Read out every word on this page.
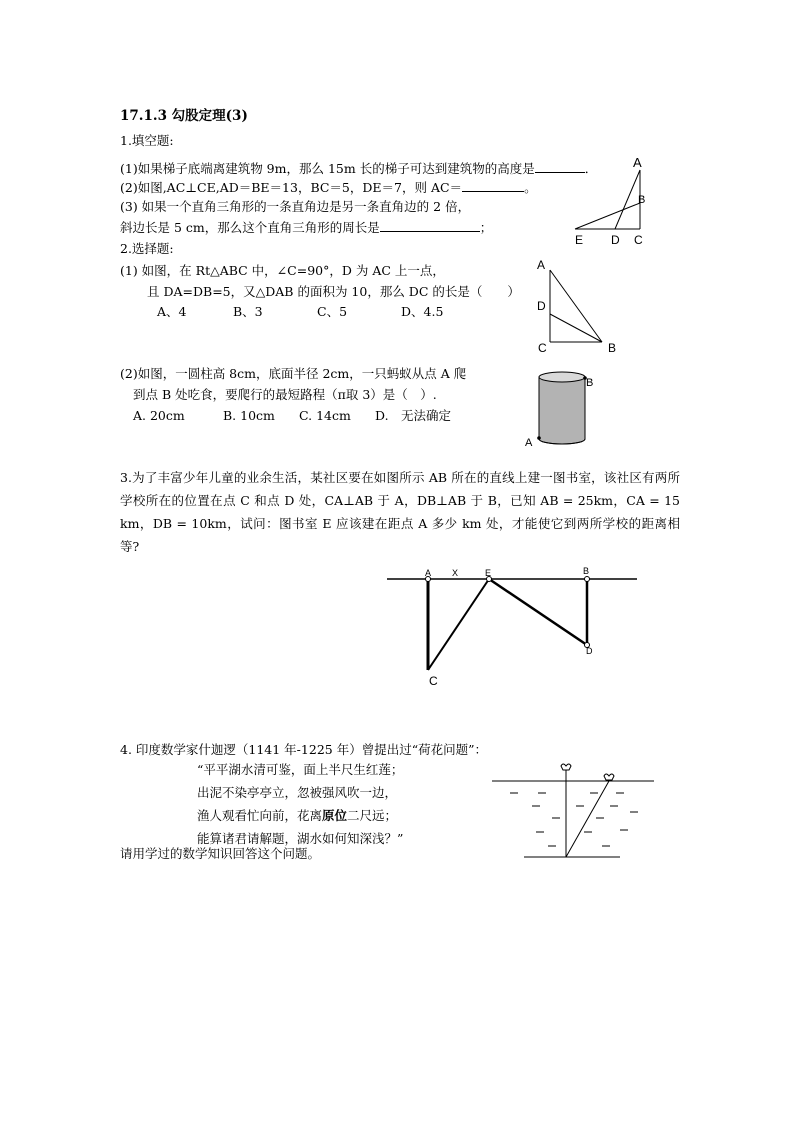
17.1.3 勾股定理(3)
1.填空题:
(1)如果梯子底端离建筑物 9m，那么 15m 长的梯子可达到建筑物的高度是	．
(2)如图,AC⊥CE,AD＝BE＝13，BC＝5，DE＝7，则 AC＝	。
(3) 如果一个直角三角形的一条直角边是另一条直角边的 2 倍，
斜边长是 5 cm，那么这个直角三角形的周长是	；
A
B
E D C
2.选择题:
(1) 如图，在 Rt△ABC 中，∠C=90°，D 为 AC 上一点，
且 DA=DB=5，又△DAB 的面积为 10，那么 DC 的长是（　　）
A、4	B、3	C、5	D、4.5
A
D
C	B
(2)如图，一圆柱高 8cm，底面半径 2cm，一只蚂蚁从点 A 爬
到点 B 处吃食，要爬行的最短路程（π取 3）是（　）.
A. 20cm	B. 10cm C. 14cm D.　无法确定
B
A
3.为了丰富少年儿童的业余生活，某社区要在如图所示 AB 所在的直线上建一图书室，该社区有两所学校所在的位置在点 C 和点 D 处，CA⊥AB 于 A，DB⊥AB 于 B，已知 AB = 25km，CA = 15 km，DB = 10km，试问：图书室 E 应该建在距点 A 多少 km 处，才能使它到两所学校的距离相等?
A X	E	B
D
C
4. 印度数学家什迦逻（1141 年-1225 年）曾提出过“荷花问题”：
“平平湖水清可鉴，面上半尺生红莲；
出泥不染亭亭立，忽被强风吹一边，
渔人观看忙向前，花离原位二尺远；
能算诸君请解题，湖水如何知深浅？”
请用学过的数学知识回答这个问题。
